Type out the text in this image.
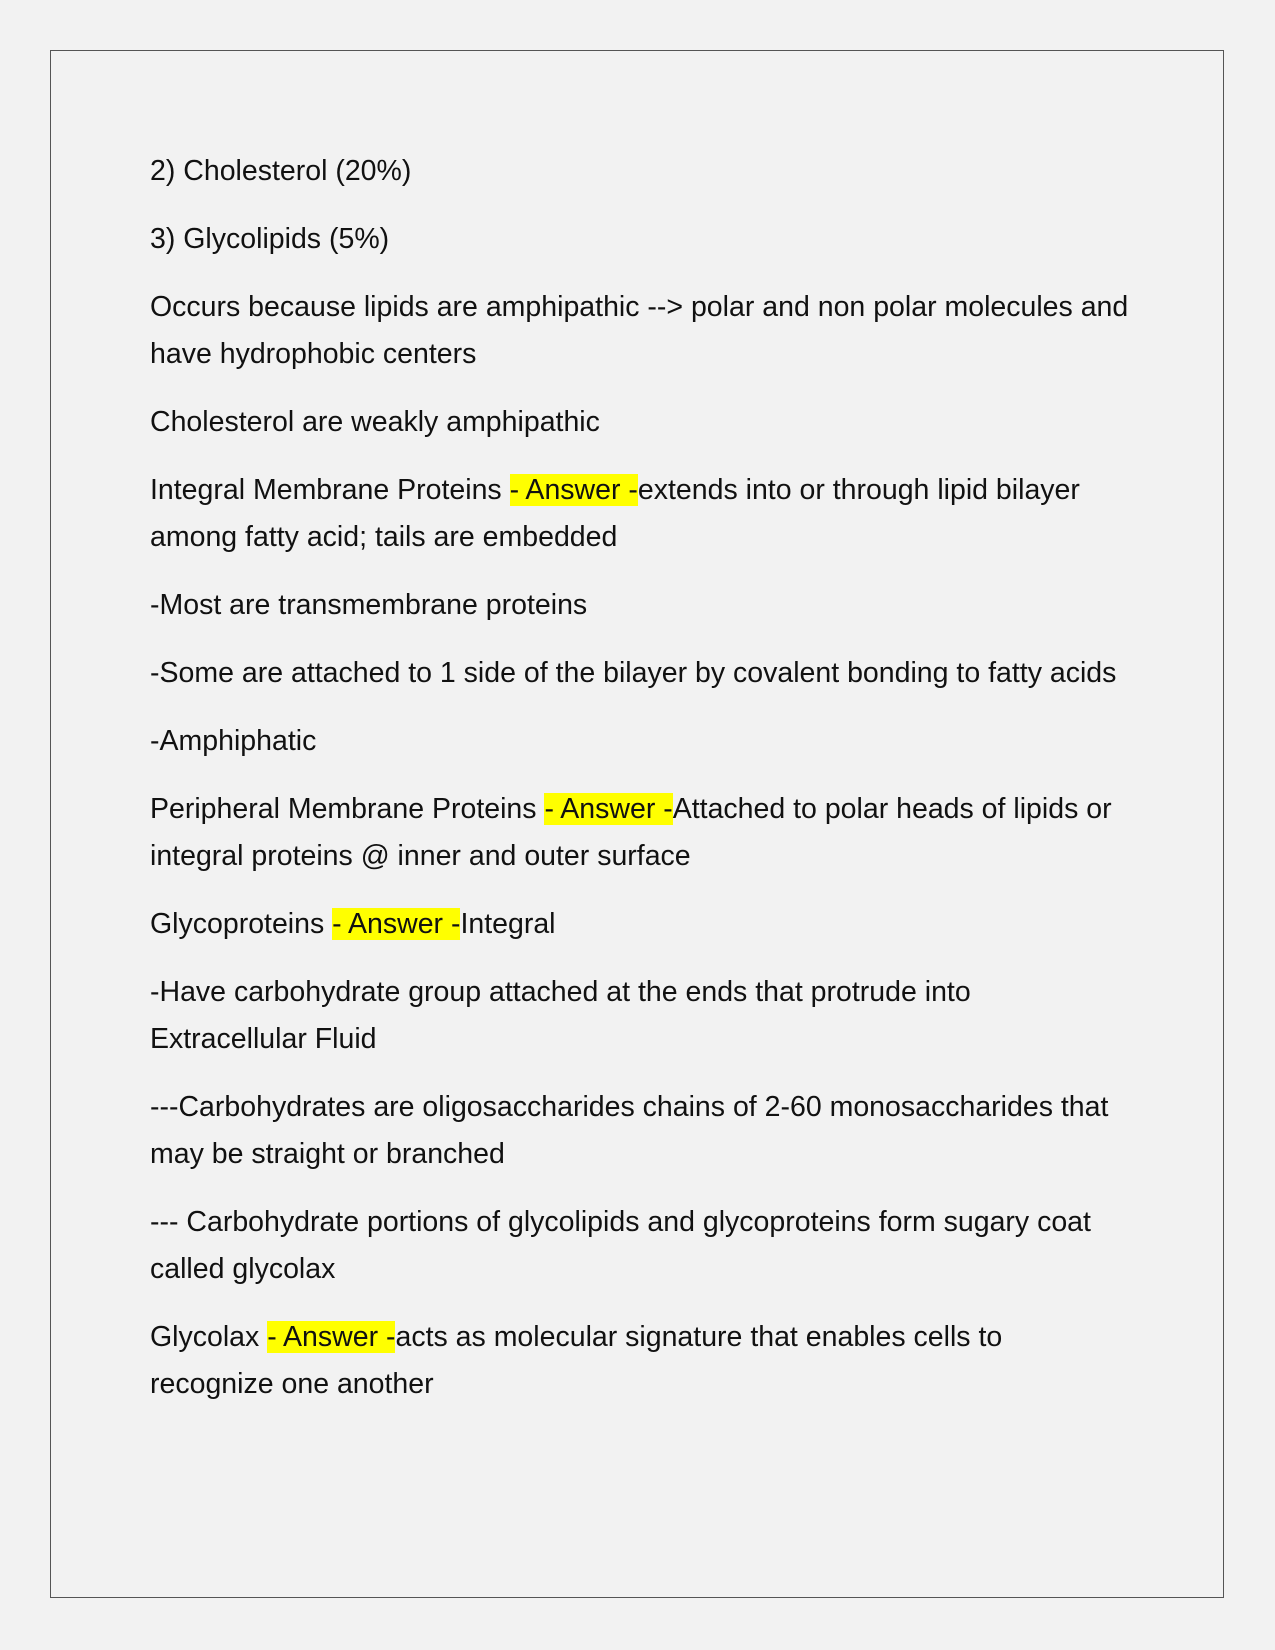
2) Cholesterol (20%)

3) Glycolipids (5%)

Occurs because lipids are amphipathic --> polar and non polar molecules and have hydrophobic centers

Cholesterol are weakly amphipathic

Integral Membrane Proteins - Answer -extends into or through lipid bilayer among fatty acid; tails are embedded

-Most are transmembrane proteins

-Some are attached to 1 side of the bilayer by covalent bonding to fatty acids

-Amphiphatic

Peripheral Membrane Proteins - Answer -Attached to polar heads of lipids or integral proteins @ inner and outer surface

Glycoproteins - Answer -Integral

-Have carbohydrate group attached at the ends that protrude into Extracellular Fluid

---Carbohydrates are oligosaccharides chains of 2-60 monosaccharides that may be straight or branched

--- Carbohydrate portions of glycolipids and glycoproteins form sugary coat called glycolax

Glycolax - Answer -acts as molecular signature that enables cells to recognize one another
